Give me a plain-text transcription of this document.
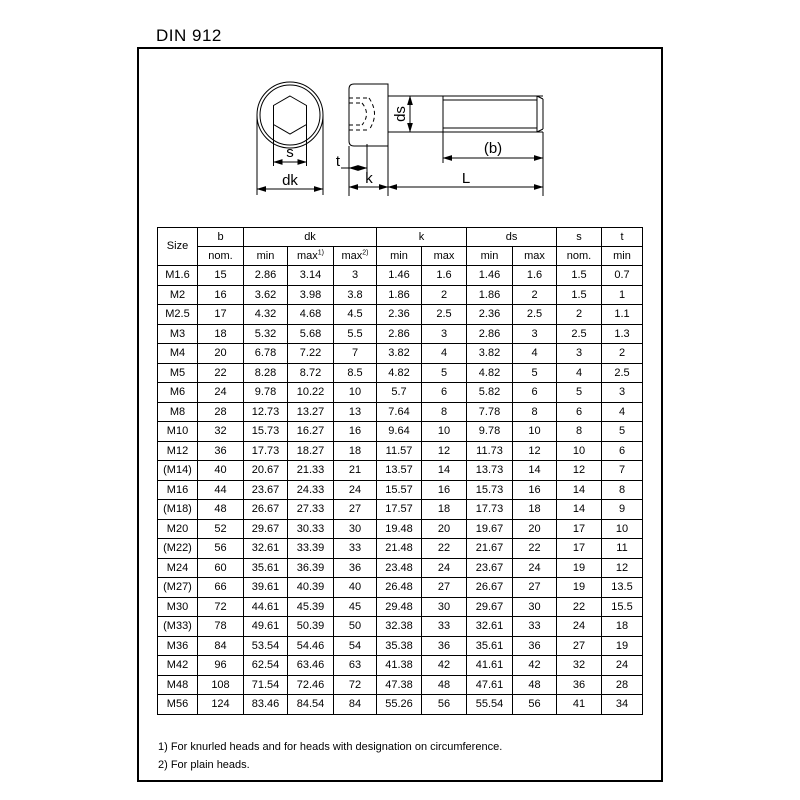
DIN 912
s
dk
ds
(b)
t
k	L
Size	b	dk			k		ds		s	t
	nom.	min	$\max^{1)}$	$\max^{2)}$	min	max	min	max	nom.	min
M1.6	15	2.86	3.14	3	1.46	1.6	1.46	1.6	1.5	0.7
M2	16	3.62	3.98	3.8	1.86	2	1.86	2	1.5	1
M2.5	17	4.32	4.68	4.5	2.36	2.5	2.36	2.5	2	1.1
M3	18	5.32	5.68	5.5	2.86	3	2.86	3	2.5	1.3
M4	20	6.78	7.22	7	3.82	4	3.82	4	3	2
M5	22	8.28	8.72	8.5	4.82	5	4.82	5	4	2.5
M6	24	9.78	10.22	10	5.7	6	5.82	6	5	3
M8	28	12.73	13.27	13	7.64	8	7.78	8	6	4
M10	32	15.73	16.27	16	9.64	10	9.78	10	8	5
M12	36	17.73	18.27	18	11.57	12	11.73	12	10	6
(M14)	40	20.67	21.33	21	13.57	14	13.73	14	12	7
M16	44	23.67	24.33	24	15.57	16	15.73	16	14	8
(M18)	48	26.67	27.33	27	17.57	18	17.73	18	14	9
M20	52	29.67	30.33	30	19.48	20	19.67	20	17	10
(M22)	56	32.61	33.39	33	21.48	22	21.67	22	17	11
M24	60	35.61	36.39	36	23.48	24	23.67	24	19	12
(M27)	66	39.61	40.39	40	26.48	27	26.67	27	19	13.5
M30	72	44.61	45.39	45	29.48	30	29.67	30	22	15.5
(M33)	78	49.61	50.39	50	32.38	33	32.61	33	24	18
M36	84	53.54	54.46	54	35.38	36	35.61	36	27	19
M42	96	62.54	63.46	63	41.38	42	41.61	42	32	24
M48	108	71.54	72.46	72	47.38	48	47.61	48	36	28
M56	124	83.46	84.54	84	55.26	56	55.54	56	41	34
1) For knurled heads and for heads with designation on circumference.
2) For plain heads.
